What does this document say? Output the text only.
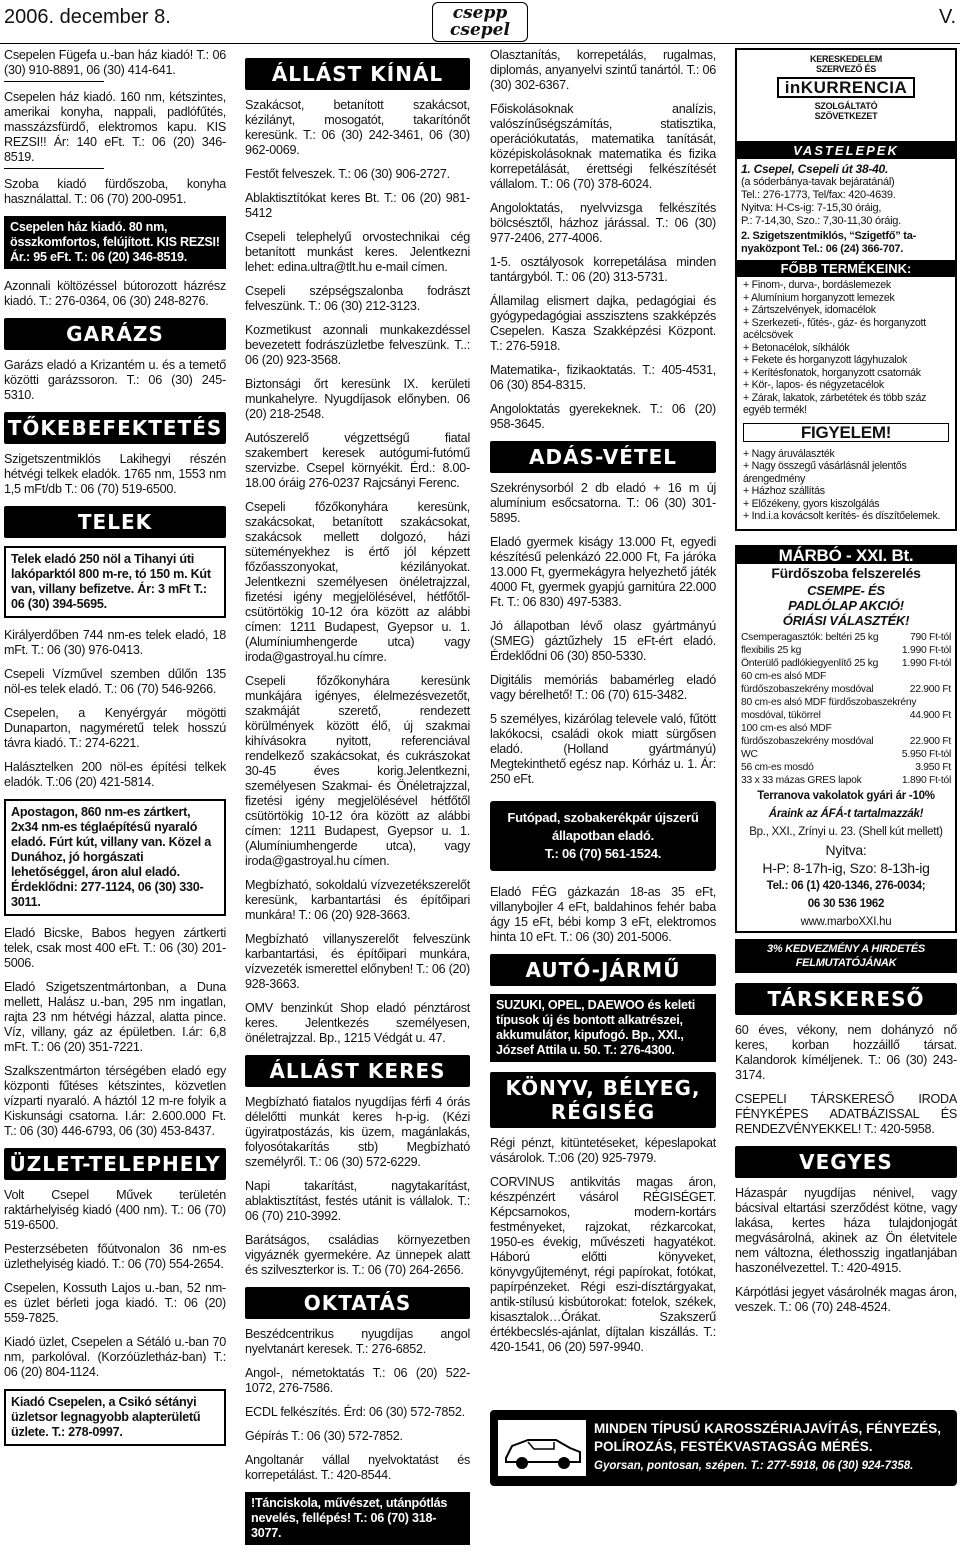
2006. december 8.	csepp
csepel
V.
Csepelen Fügefa u.-ban ház kiadó! T.: 06 (30) 910-8891, 06 (30) 414-641.
Csepelen ház kiadó. 160 nm, kétszintes, amerikai konyha, nappali, padlófűtés, masszázsfürdő, elektromos kapu. KIS REZSI!! Ár: 140 eFt. T.: 06 (20) 346-8519.
Szoba kiadó fürdőszoba, konyha használattal. T.: 06 (70) 200-0951.
Csepelen ház kiadó. 80 nm, összkomfortos, felújított. KIS REZSI! Ár.: 95 eFt. T.: 06 (20) 346-8519.
Azonnali költözéssel bútorozott házrész kiadó. T.: 276-0364, 06 (30) 248-8276.
GARÁZS
Garázs eladó a Krizantém u. és a temető közötti garázssoron. T.: 06 (30) 245-5310.
TŐKEBEFEKTETÉS
Szigetszentmiklós Lakihegyi részén hétvégi telkek eladók. 1765 nm, 1553 nm 1,5 mFt/db T.: 06 (70) 519-6500.
TELEK
Telek eladó 250 nöl a Tihanyi úti lakóparktól 800 m-re, tó 150 m. Kút van, villany befizetve. Ár: 3 mFt T.: 06 (30) 394-5695.
Királyerdőben 744 nm-es telek eladó, 18 mFt. T.: 06 (30) 976-0413.
Csepeli Vízművel szemben dűlőn 135 nöl-es telek eladó. T.: 06 (70) 546-9266.
Csepelen, a Kenyérgyár mögötti Dunaparton, nagyméretű telek hosszú távra kiadó. T.: 274-6221.
Halásztelken 200 nöl-es építési telkek eladók. T.:06 (20) 421-5814.
Apostagon, 860 nm-es zártkert, 2x34 nm-es téglaépítésű nyaraló eladó. Fúrt kút, villany van. Közel a Dunához, jó horgászati lehetőséggel, áron alul eladó. Érdeklődni: 277-1124, 06 (30) 330-3011.
Eladó Bicske, Babos hegyen zártkerti telek, csak most 400 eFt. T.: 06 (30) 201-5006.
Eladó Szigetszentmártonban, a Duna mellett, Halász u.-ban, 295 nm ingatlan, rajta 23 nm hétvégi házzal, alatta pince. Víz, villany, gáz az épületben. I.ár: 6,8 mFt. T.: 06 (20) 351-7221.
Szalkszentmárton térségében eladó egy központi fűtéses kétszintes, közvetlen vízparti nyaraló. A háztól 12 m-re folyik a Kiskunsági csatorna. I.ár: 2.600.000 Ft. T.: 06 (30) 446-6793, 06 (30) 453-8437.
ÜZLET-TELEPHELY
Volt Csepel Művek területén raktárhelyiség kiadó (400 nm). T.: 06 (70) 519-6500.
Pesterzsébeten főútvonalon 36 nm-es üzlethelyiség kiadó. T.: 06 (70) 554-2654.
Csepelen, Kossuth Lajos u.-ban, 52 nm-es üzlet bérleti joga kiadó. T.: 06 (20) 559-7825.
Kiadó üzlet, Csepelen a Sétáló u.-ban 70 nm, parkolóval. (Korzóüzletház-ban) T.: 06 (20) 804-1124.
Kiadó Csepelen, a Csikó sétányi üzletsor legnagyobb alapterületű üzlete. T.: 278-0997.
ÁLLÁST KÍNÁL
Szakácsot, betanított szakácsot, kézilányt, mosogatót, takarítónőt keresünk. T.: 06 (30) 242-3461, 06 (30) 962-0069.
Festőt felveszek. T.: 06 (30) 906-2727.
Ablaktisztítókat keres Bt. T.: 06 (20) 981-5412
Csepeli telephelyű orvostechnikai cég betanított munkást keres. Jelentkezni lehet: edina.ultra@tlt.hu e-mail címen.
Csepeli szépségszalonba fodrászt felveszünk. T.: 06 (30) 212-3123.
Kozmetikust azonnali munkakezdéssel bevezetett fodrászüzletbe felveszünk. T..: 06 (20) 923-3568.
Biztonsági őrt keresünk IX. kerületi munkahelyre. Nyugdíjasok előnyben. 06 (20) 218-2548.
Autószerelő végzettségű fiatal szakembert keresek autógumi-futómű szervizbe. Csepel környékit. Érd.: 8.00-18.00 óráig 276-0237 Rajcsányi Ferenc.
Csepeli főzőkonyhára keresünk, szakácsokat, betanított szakácsokat, szakácsok mellett dolgozó, házi süteményekhez is értő jól képzett főzőasszonyokat, kézilányokat. Jelentkezni személyesen önéletrajzzal, fizetési igény megjelölésével, hétfőtől-csütörtökig 10-12 óra között az alábbi címen: 1211 Budapest, Gyepsor u. 1. (Alumíniumhengerde utca) vagy iroda@gastroyal.hu címre.
Csepeli főzőkonyhára keresünk munkájára igényes, élelmezésvezetőt, szakmáját szerető, rendezett körülmények között élő, új szakmai kihívásokra nyitott, referenciával rendelkező szakácsokat, és cukrászokat 30-45 éves korig.Jelentkezni, személyesen Szakmai- és Önéletrajzzal, fizetési igény megjelölésével hétfőtől csütörtökig 10-12 óra között az alábbi címen: 1211 Budapest, Gyepsor u. 1. (Alumíniumhengerde utca), vagy iroda@gastroyal.hu címen.
Megbízható, sokoldalú vízvezetékszerelőt keresünk, karbantartási és építőipari munkára! T.: 06 (20) 928-3663.
Megbízható villanyszerelőt felveszünk karbantartási, és építőipari munkára, vízvezeték ismerettel előnyben! T.: 06 (20) 928-3663.
OMV benzinkút Shop eladó pénztárost keres. Jelentkezés személyesen, önéletrajzzal. Bp., 1215 Védgát u. 47.
ÁLLÁST KERES
Megbízható fiatalos nyugdíjas férfi 4 órás délelőtti munkát keres h-p-ig. (Kézi ügyiratpostázás, kis üzem, magánlakás, folyosótakarítás stb) Megbízható személyről. T.: 06 (30) 572-6229.
Napi takarítást, nagytakarítást, ablaktisztítást, festés utánit is vállalok. T.: 06 (70) 210-3992.
Barátságos, családias környezetben vigyáznék gyermekére. Az ünnepek alatt és szilveszterkor is. T.: 06 (70) 264-2656.
OKTATÁS
Beszédcentrikus nyugdíjas angol nyelvtanárt keresek. T.: 276-6852.
Angol-, németoktatás T.: 06 (20) 522-1072, 276-7586.
ECDL felkészítés. Érd: 06 (30) 572-7852.
Gépírás T.: 06 (30) 572-7852.
Angoltanár vállal nyelvoktatást és korrepetálást. T.: 420-8544.
!Tánciskola, művészet, utánpótlás nevelés, fellépés! T.: 06 (70) 318-3077.
Olasztanítás, korrepetálás, rugalmas, diplomás, anyanyelvi szintű tanártól. T.: 06 (30) 302-6367.
Főiskolásoknak analízis, valószínűségszámítás, statisztika, operációkutatás, matematika tanítását, középiskolásoknak matematika és fizika korrepetálását, érettségi felkészítését vállalom. T.: 06 (70) 378-6024.
Angoloktatás, nyelvvizsga felkészítés bölcsésztől, házhoz járással. T.: 06 (30) 977-2406, 277-4006.
1-5. osztályosok korrepetálása minden tantárgyból. T.: 06 (20) 313-5731.
Államilag elismert dajka, pedagógiai és gyógypedagógiai asszisztens szakképzés Csepelen. Kasza Szakképzési Központ. T.: 276-5918.
Matematika-, fizikaoktatás. T.: 405-4531, 06 (30) 854-8315.
Angoloktatás gyerekeknek. T.: 06 (20) 958-3645.
ADÁS-VÉTEL
Szekrénysorból 2 db eladó + 16 m új alumínium esőcsatorna. T.: 06 (30) 301-5895.
Eladó gyermek kiságy 13.000 Ft, egyedi készítésű pelenkázó 22.000 Ft, Fa járóka 13.000 Ft, gyermekágyra helyezhető játék 4000 Ft, gyermek gyapjú garnitúra 22.000 Ft. T.: 06 830) 497-5383.
Jó állapotban lévő olasz gyártmányú (SMEG) gáztűzhely 15 eFt-ért eladó. Érdeklődni 06 (30) 850-5330.
Digitális memóriás babamérleg eladó vagy bérelhető! T.: 06 (70) 615-3482.
5 személyes, kizárólag televele való, fűtött lakókocsi, családi okok miatt sürgősen eladó. (Holland gyártmányú) Megtekinthető egész nap. Kórház u. 1. Ár: 250 eFt.
Futópad, szobakerékpár újszerű
állapotban eladó.
T.: 06 (70) 561-1524.
Eladó FÉG gázkazán 18-as 35 eFt, villanybojler 4 eFt, baldahinos fehér baba ágy 15 eFt, bébi komp 3 eFt, elektromos hinta 10 eFt. T.: 06 (30) 201-5006.
AUTÓ-JÁRMŰ
SUZUKI, OPEL, DAEWOO és keleti típusok új és bontott alkatrészei, akkumulátor, kipufogó. Bp., XXI., József Attila u. 50. T.: 276-4300.
KÖNYV, BÉLYEG, RÉGISÉG
Régi pénzt, kitüntetéseket, képeslapokat vásárolok. T.:06 (20) 925-7979.
CORVINUS antikvitás magas áron, készpénzért vásárol RÉGISÉGET. Képcsarnokos, modern-kortárs festményeket, rajzokat, rézkarcokat, 1950-es évekig, művészeti hagyatékot. Háború előtti könyveket, könyvgyűjteményt, régi papírokat, fotókat, papírpénzeket. Régi eszi-dísztárgyakat, antik-stílusú kisbútorokat: fotelok, székek, kisasztalok…Órákat. Szakszerű értékbecslés-ajánlat, díjtalan kiszállás. T.: 420-1541, 06 (20) 597-9940.
KERESKEDELEM
SZERVEZŐ ÉS
inKURRENCIA
SZOLGÁLTATÓ
SZÖVETKEZET
VASTELEPEK
1. Csepel, Csepeli út 38-40.
(a sóderbánya-tavak bejáratánál)
Tel.: 276-1773, Tel/fax: 420-4639.
Nyitva: H-Cs-ig: 7-15,30 óráig,
P.: 7-14,30, Szo.: 7,30-11,30 óráig.
2. Szigetszentmiklós, “Szigetfő” ta-nyaközpont Tel.: 06 (24) 366-707.
FŐBB TERMÉKEINK:
+ Finom-, durva-, bordáslemezek
+ Alumínium horganyzott lemezek
+ Zártszelvények, idomacélok
+ Szerkezeti-, fűtés-, gáz- és horganyzott acélcsövek
+ Betonacélok, síkhálók
+ Fekete és horganyzott lágyhuzalok
+ Kerítésfonatok, horganyzott csatornák
+ Kör-, lapos- és négyzetacélok
+ Zárak, lakatok, zárbetétek és több száz egyéb termék!
FIGYELEM!
+ Nagy áruválaszték
+ Nagy összegű vásárlásnál jelentős árengedmény
+ Házhoz szállítás
+ Előzékeny, gyors kiszolgálás
+ Ind.i.a kovácsolt kerítés- és díszítőelemek.
MÁRBÓ - XXI. Bt.
Fürdőszoba felszerelés
CSEMPE- ÉS
PADLÓLAP AKCIÓ!
ÓRIÁSI VÁLASZTÉK!
Csemperagasztók: beltéri 25 kg	790 Ft-tól
flexibilis 25 kg	1.990 Ft-tól
Önterülő padlókiegyenlítő 25 kg 1.990 Ft-tól
60 cm-es alsó MDF
fürdőszobaszekrény mosdóval	22.900 Ft
80 cm-es alsó MDF fürdőszobaszekrény
mosdóval, tükörrel	44.900 Ft
100 cm-es alsó MDF
fürdőszobaszekrény mosdóval	22.900 Ft
WC	5.950 Ft-tól
56 cm-es mosdó	3.950 Ft
33 x 33 mázas GRES lapok	1.890 Ft-tól
Terranova vakolatok gyári ár -10%
Áraink az ÁFÁ-t tartalmazzák!
Bp., XXI., Zrínyi u. 23. (Shell kút mellett)
Nyitva:
H-P: 8-17h-ig, Szo: 8-13h-ig
Tel.: 06 (1) 420-1346, 276-0034;
06 30 536 1962
www.marboXXI.hu
3% KEDVEZMÉNY A HIRDETÉS FELMUTATÓJÁNAK
TÁRSKERESŐ
60 éves, vékony, nem dohányzó nő keres, korban hozzáillő társat. Kalandorok kíméljenek. T.: 06 (30) 243-3174.
CSEPELI TÁRSKERESŐ IRODA FÉNYKÉPES ADATBÁZISSAL ÉS RENDEZVÉNYEKKEL! T.: 420-5958.
VEGYES
Házaspár nyugdíjas nénivel, vagy bácsival eltartási szerződést kötne, vagy lakása, kertes háza tulajdonjogát megvásárolná, akinek az Ön életvitele nem változna, élethosszig ingatlanjában haszonélvezettel. T.: 420-4915.
Kárpótlási jegyet vásárolnék magas áron, veszek. T.: 06 (70) 248-4524.
MINDEN TÍPUSÚ KAROSSZÉRIAJAVÍTÁS, FÉNYEZÉS,
POLÍROZÁS, FESTÉKVASTAGSÁG MÉRÉS.
Gyorsan, pontosan, szépen. T.: 277-5918, 06 (30) 924-7358.
